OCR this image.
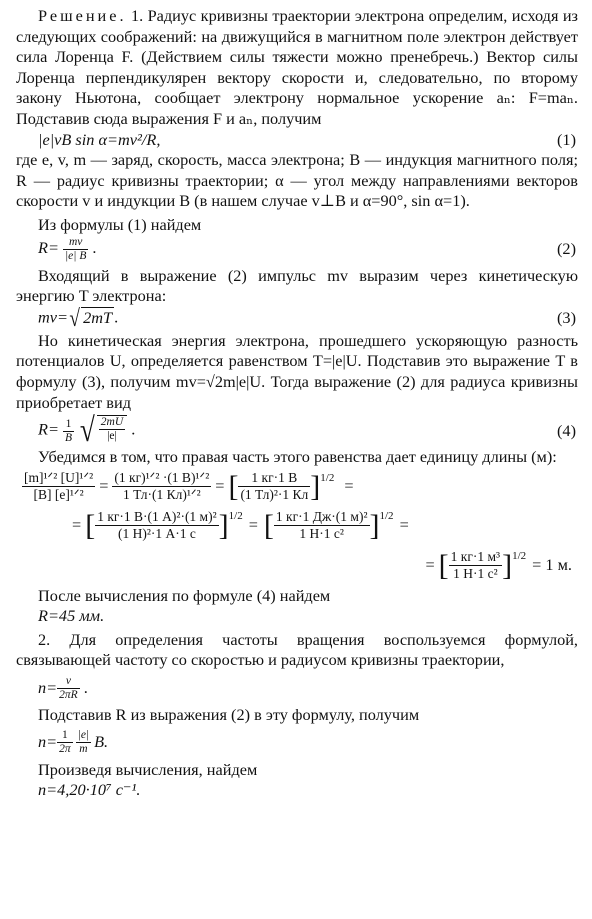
Решение. 1. Радиус кривизны траектории электрона определим, исходя из следующих соображений: на движущийся в магнитном поле электрон действует сила Лоренца F. (Действием силы тяжести можно пренебречь.) Вектор силы Лоренца перпендикулярен вектору скорости и, следовательно, по второму закону Ньютона, сообщает электрону нормальное ускорение aₙ: F=maₙ. Подставив сюда выражения F и aₙ, получим

|e|vB sin α=mv²/R,	(1)

где e, v, m — заряд, скорость, масса электрона; B — индукция магнитного поля; R — радиус кривизны траектории; α — угол между направлениями векторов скорости v и индукции B (в нашем случае v⊥B и α=90°, sin α=1).

Из формулы (1) найдем

$R= \frac{mv}{|e| B}$ .	(2)

Входящий в выражение (2) импульс mv выразим через кинетическую энергию T электрона:

mv= √ 2mT .	(3)

Но кинетическая энергия электрона, прошедшего ускоряющую разность потенциалов U, определяется равенством T=|e|U. Подставив это выражение T в формулу (3), получим mv=√2m|e|U. Тогда выражение (2) для радиуса кривизны приобретает вид

$R= \frac{1}{B}$
√ $\frac{2mU}{|e|}$ .	(4)

Убедимся в том, что правая часть этого равенства дает единицу длины (м):

$\frac{\text{[m]¹ᐟ² [U]¹ᐟ²}}{\text{[B] [e]¹ᐟ²}} = \frac{\text{(1 кг)¹ᐟ² ·(1 В)¹ᐟ²}}{\text{1 Тл·(1 Кл)¹ᐟ²}}$ = [ $\frac{1 кг\cdot 1 В}{\text{(1 Тл)²·1 Кл}} ]^{1/2}$ =
= [ $\frac{\text{1 кг·1 В·(1 А)²·(1 м)²}}{\text{(1 Н)²·1 А·1 с}} ]^{1/2}$ = [ $\frac{\text{1 кг·1 Дж·(1 м)²}}{\text{1 Н·1 с²}} ]^{1/2}$ =
= [ $\frac{\text{1 кг·1 м³}}{\text{1 Н·1 с²}} ]^{1/2} = 1$ м.

После вычисления по формуле (4) найдем

R=45 мм.

2. Для определения частоты вращения воспользуемся формулой, связывающей частоту со скоростью и радиусом кривизны траектории,

$n= \frac{v}{2\pi R}$ .

Подставив R из выражения (2) в эту формулу, получим

$n= \frac{1}{2\pi} \frac{|e|}{m} B$.

Произведя вычисления, найдем

n=4,20·10⁷ с⁻¹.
